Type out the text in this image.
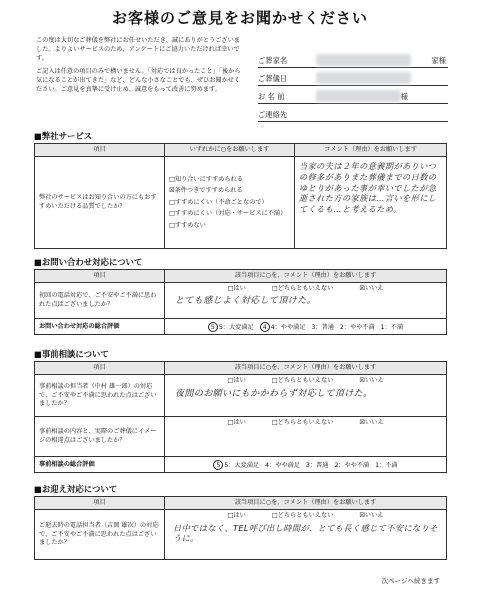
お客様のご意見をお聞かせください

この度は大切なご葬儀を弊社にお任せいただき、誠にありがとうございました。よりよいサービスのため、アンケートにご協力いただければ幸いです。

ご記入は任意の項目のみで構いません。「対応では良かったこと」「後から気になることが出てきた」など、どんな小さなことでも、ぜひお聞かせください。ご意見を真摯に受け止め、誠意をもって改善に努めます。

ご葬家名	家様
ご葬儀日
お 名 前	様
ご連絡先
■弊社サービス
項目	いずれかに○をお願いします	コメント（理由）をお願いします
弊社のサービスはお知り合いの方にもおすすめいただける品質でしたか？	□知り合いにすすめられる
☒条件つきですすめられる
□すすめにくい（不命ごとなので）
□すすめにくい（対応・サービスに不満）
□すすめない	当家の夫は２年の意義期がありいつの修多がありまた葬儀までの日数のゆとりがあった事が幸いでしたが急逝された方の家族は…言いを形にしてくるも…と考えるため。
■お問い合わせ対応について
項目	該当項目に○を、コメント（理由）をお願いします
初回の電話対応で、ご不安やご不満に思われた点はございましたか？	□はい □どちらともいえない ☒いいえ
とても感じよく対応して頂けた。

お問い合わせ対応の総合評価	5 5：大変満足 4 4：やや満足 3：普通 2：やや不満 1：不満
■事前相談について
項目	該当項目に○を、コメント（理由）をお願いします
事前相談の担当者（中村 雄一郎）の対応で、ご不安やご不満に思われた点はございましたか？	□はい □どちらともいえない ☒いいえ
夜間のお願いにもかかわらず対応して頂けた。

事前相談の内容と、実際のご葬儀にイメージの相違点はございましたか？	□はい □どちらともいえない ☒いいえ

事前相談の総合評価	5 5：大変満足 4：やや満足 3：普通 2：やや不満 1：不満
■お迎え対応について
項目	該当項目に○を、コメント（理由）をお願いします
ご逝去時の電話担当者（吉岡 雄次）の対応で、ご不安やご不満に思われた点はございましたか？	□はい □どちらともいえない ☒いいえ
日中ではなく、TEL呼び出し時間が、とても長く感じて不安になりそうに。
次ページへ続きます
